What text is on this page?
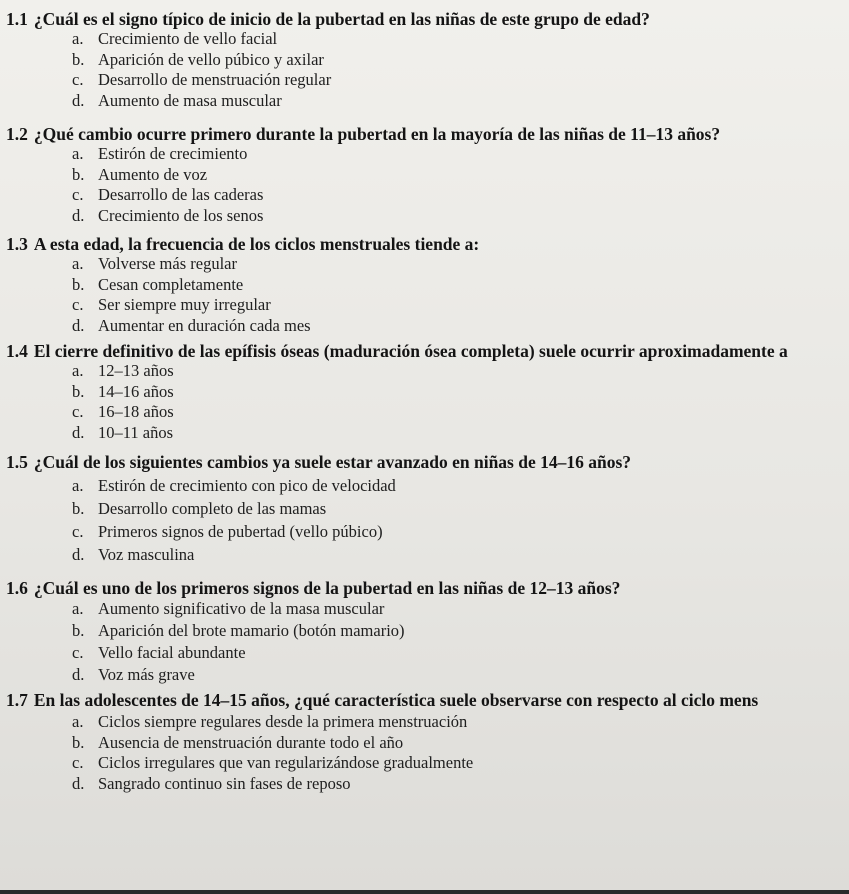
1.1 ¿Cuál es el signo típico de inicio de la pubertad en las niñas de este grupo de edad?

a. Crecimiento de vello facial
b. Aparición de vello púbico y axilar
c. Desarrollo de menstruación regular
d. Aumento de masa muscular

1.2 ¿Qué cambio ocurre primero durante la pubertad en la mayoría de las niñas de 11–13 años?

a. Estirón de crecimiento
b. Aumento de voz
c. Desarrollo de las caderas
d. Crecimiento de los senos

1.3 A esta edad, la frecuencia de los ciclos menstruales tiende a:

a. Volverse más regular
b. Cesan completamente
c. Ser siempre muy irregular
d. Aumentar en duración cada mes

1.4 El cierre definitivo de las epífisis óseas (maduración ósea completa) suele ocurrir aproximadamente a

a. 12–13 años
b. 14–16 años
c. 16–18 años
d. 10–11 años

1.5 ¿Cuál de los siguientes cambios ya suele estar avanzado en niñas de 14–16 años?

a. Estirón de crecimiento con pico de velocidad
b. Desarrollo completo de las mamas
c. Primeros signos de pubertad (vello púbico)
d. Voz masculina

1.6 ¿Cuál es uno de los primeros signos de la pubertad en las niñas de 12–13 años?

a. Aumento significativo de la masa muscular
b. Aparición del brote mamario (botón mamario)
c. Vello facial abundante
d. Voz más grave

1.7 En las adolescentes de 14–15 años, ¿qué característica suele observarse con respecto al ciclo mens

a. Ciclos siempre regulares desde la primera menstruación
b. Ausencia de menstruación durante todo el año
c. Ciclos irregulares que van regularizándose gradualmente
d. Sangrado continuo sin fases de reposo
